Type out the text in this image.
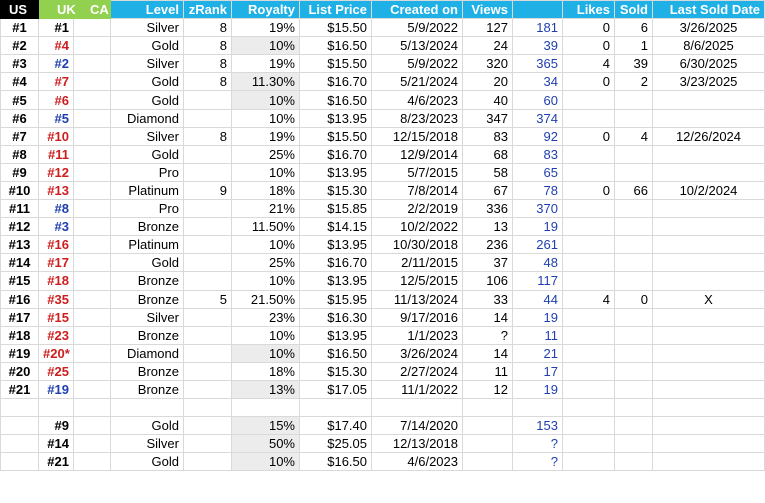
US	UK	CA	Level	zRank	Royalty	List Price	Created on	Views		Likes	Sold	Last Sold Date
#1	#1		Silver	8	19%	$15.50	5/9/2022	127	181	0	6	3/26/2025
#2	#4		Gold	8	10%	$16.50	5/13/2024	24	39	0	1	8/6/2025
#3	#2		Silver	8	19%	$15.50	5/9/2022	320	365	4	39	6/30/2025
#4	#7		Gold	8	11.30%	$16.70	5/21/2024	20	34	0	2	3/23/2025
#5	#6		Gold		10%	$16.50	4/6/2023	40	60			
#6	#5		Diamond		10%	$13.95	8/23/2023	347	374			
#7	#10		Silver	8	19%	$15.50	12/15/2018	83	92	0	4	12/26/2024
#8	#11		Gold		25%	$16.70	12/9/2014	68	83			
#9	#12		Pro		10%	$13.95	5/7/2015	58	65			
#10	#13		Platinum	9	18%	$15.30	7/8/2014	67	78	0	66	10/2/2024
#11	#8		Pro		21%	$15.85	2/2/2019	336	370			
#12	#3		Bronze		11.50%	$14.15	10/2/2022	13	19			
#13	#16		Platinum		10%	$13.95	10/30/2018	236	261			
#14	#17		Gold		25%	$16.70	2/11/2015	37	48			
#15	#18		Bronze		10%	$13.95	12/5/2015	106	117			
#16	#35		Bronze	5	21.50%	$15.95	11/13/2024	33	44	4	0	X
#17	#15		Silver		23%	$16.30	9/17/2016	14	19			
#18	#23		Bronze		10%	$13.95	1/1/2023	?	11			
#19	#20*		Diamond		10%	$16.50	3/26/2024	14	21			
#20	#25		Bronze		18%	$15.30	2/27/2024	11	17			
#21	#19		Bronze		13%	$17.05	11/1/2022	12	19			

	#9		Gold		15%	$17.40	7/14/2020		153			
	#14		Silver		50%	$25.05	12/13/2018		?			
	#21		Gold		10%	$16.50	4/6/2023		?			
